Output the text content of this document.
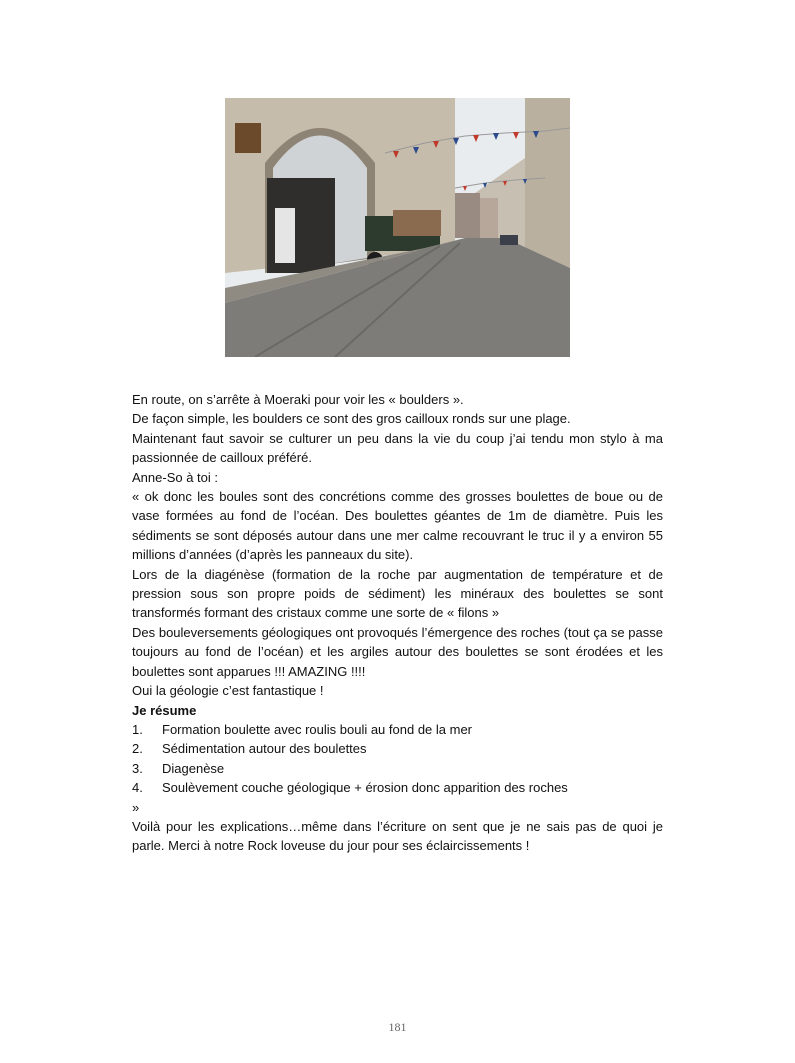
En route, on s’arrête à Moeraki pour voir les « boulders ».

De façon simple, les boulders ce sont des gros cailloux ronds sur une plage.

Maintenant faut savoir se culturer un peu dans la vie du coup j’ai tendu mon stylo à ma passionnée de cailloux préféré.

Anne-So à toi :

« ok donc les boules sont des concrétions comme des grosses boulettes de boue ou de vase formées au fond de l’océan. Des boulettes géantes de 1m de diamètre. Puis les sédiments se sont déposés autour dans une mer calme recouvrant le truc il y a environ 55 millions d’années (d’après les panneaux du site).

Lors de la diagénèse (formation de la roche par augmentation de température et de pression sous son propre poids de sédiment) les minéraux des boulettes se sont transformés formant des cristaux comme une sorte de « filons »

Des bouleversements géologiques ont provoqués l’émergence des roches (tout ça se passe toujours au fond de l’océan) et les argiles autour des boulettes se sont érodées et les boulettes sont apparues !!! AMAZING !!!!

Oui la géologie c’est fantastique !

Je résume

1.	Formation boulette avec roulis bouli au fond de la mer
2.	Sédimentation autour des boulettes
3.	Diagenèse
4.	Soulèvement couche géologique + érosion donc apparition des roches

»

Voilà pour les explications…même dans l’écriture on sent que je ne sais pas de quoi je parle. Merci à notre Rock loveuse du jour pour ses éclaircissements !

181
